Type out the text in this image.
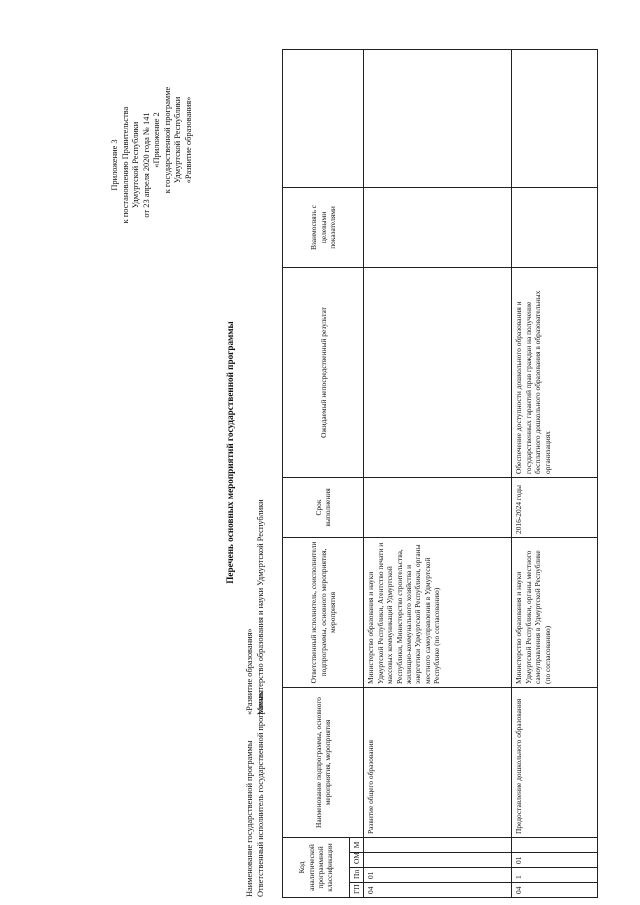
Приложение 3 к постановлению Правительства Удмуртской Республики от 23 апреля 2020 года № 141 «Приложение 2 к государственной программе Удмуртской Республики «Развитие образования»
Перечень основных мероприятий государственной программы
Наименование государственной программы
«Развитие образования»
Ответственный исполнитель государственной программы
Министерство образования и науки Удмуртской Республики
Код аналитической программной классификации				Наименование подпрограммы, основного мероприятия, мероприятия	Ответственный исполнитель, соисполнители подпрограммы, основного мероприятия, мероприятия	Срок выполнения	Ожидаемый непосредственный результат	Взаимосвязь с целевыми показателями	
ГП	Пп	ОМ	М						
04	01			Развитие общего образования	Министерство образования и науки Удмуртской Республики, Агентство печати и массовых коммуникаций Удмуртской Республики, Министерство строительства, жилищно-коммунального хозяйства и энергетики Удмуртской Республики, органы местного самоуправления в Удмуртской Республике (по согласованию)				
04	1	01		Предоставление дошкольного образования	Министерство образования и науки Удмуртской Республики, органы местного самоуправления в Удмуртской Республике (по согласованию)	2016-2024 годы	Обеспечение доступности дошкольного образования и государственных гарантий прав граждан на получение бесплатного дошкольного образования в образовательных организациях		
